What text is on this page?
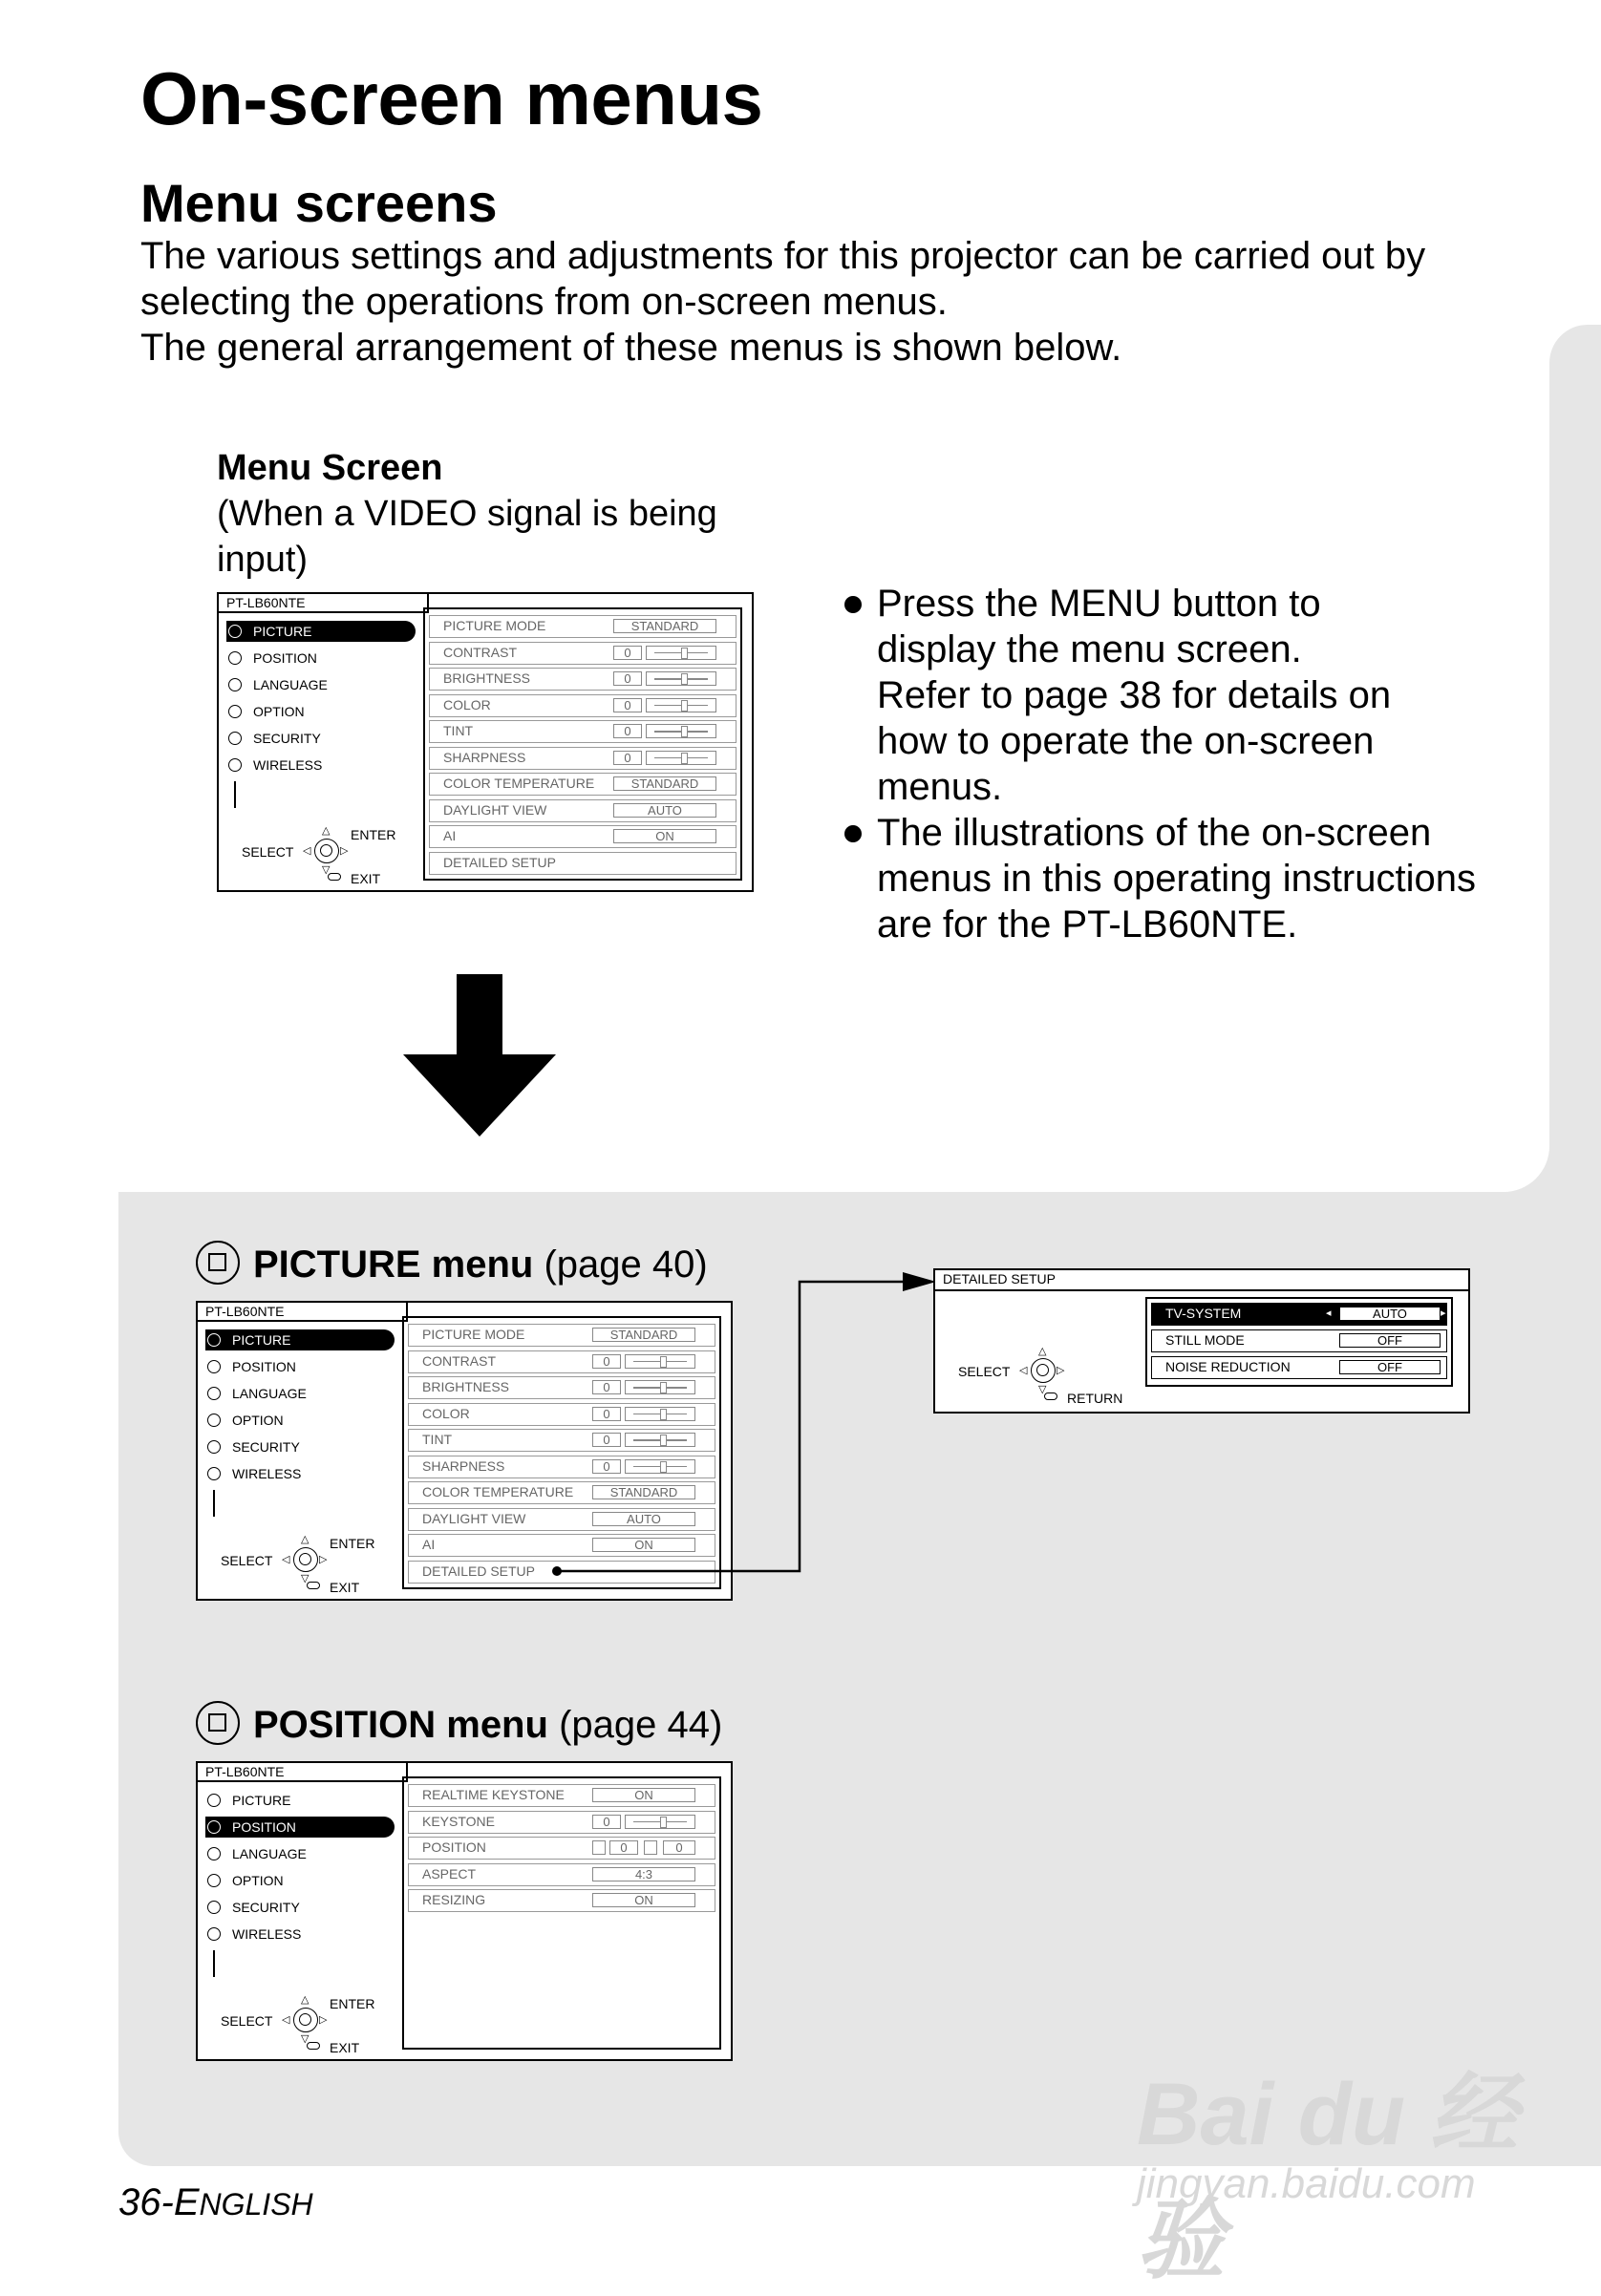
On-screen menus
Menu screens
The various settings and adjustments for this projector can be carried out by
selecting the operations from on-screen menus.
The general arrangement of these menus is shown below.
Menu Screen
(When a VIDEO signal is being
input)
PT-LB60NTE
PICTURE
POSITION
LANGUAGE
OPTION
SECURITY
WIRELESS
SELECT
ENTER
EXIT
△
▽
◁	▷
PICTURE MODE	STANDARD
CONTRAST	0
BRIGHTNESS	0
COLOR	0
TINT	0
SHARPNESS	0
COLOR TEMPERATURE	STANDARD
DAYLIGHT VIEW	AUTO
AI	ON
DETAILED SETUP
Press the MENU button to
display the menu screen.
Refer to page 38 for details on
how to operate the on-screen
menus.
The illustrations of the on-screen
menus in this operating instructions
are for the PT-LB60NTE.
PICTURE menu (page 40)
PT-LB60NTE
PICTURE
POSITION
LANGUAGE
OPTION
SECURITY
WIRELESS
SELECT
ENTER
EXIT
△
▽
◁	▷
PICTURE MODE	STANDARD
CONTRAST	0
BRIGHTNESS	0
COLOR	0
TINT	0
SHARPNESS	0
COLOR TEMPERATURE	STANDARD
DAYLIGHT VIEW	AUTO
AI	ON
DETAILED SETUP
DETAILED SETUP
TV-SYSTEM	AUTO
◂	▸
STILL MODE	OFF
NOISE REDUCTION	OFF
SELECT
RETURN
△
▽
◁	▷
POSITION menu (page 44)
PT-LB60NTE
PICTURE
POSITION
LANGUAGE
OPTION
SECURITY
WIRELESS
SELECT
ENTER
EXIT
△
▽
◁	▷
REALTIME KEYSTONE	ON
KEYSTONE	0
POSITION	0	0
ASPECT	4:3
RESIZING	ON
36-ENGLISH
Bai du 经验
jingyan.baidu.com
